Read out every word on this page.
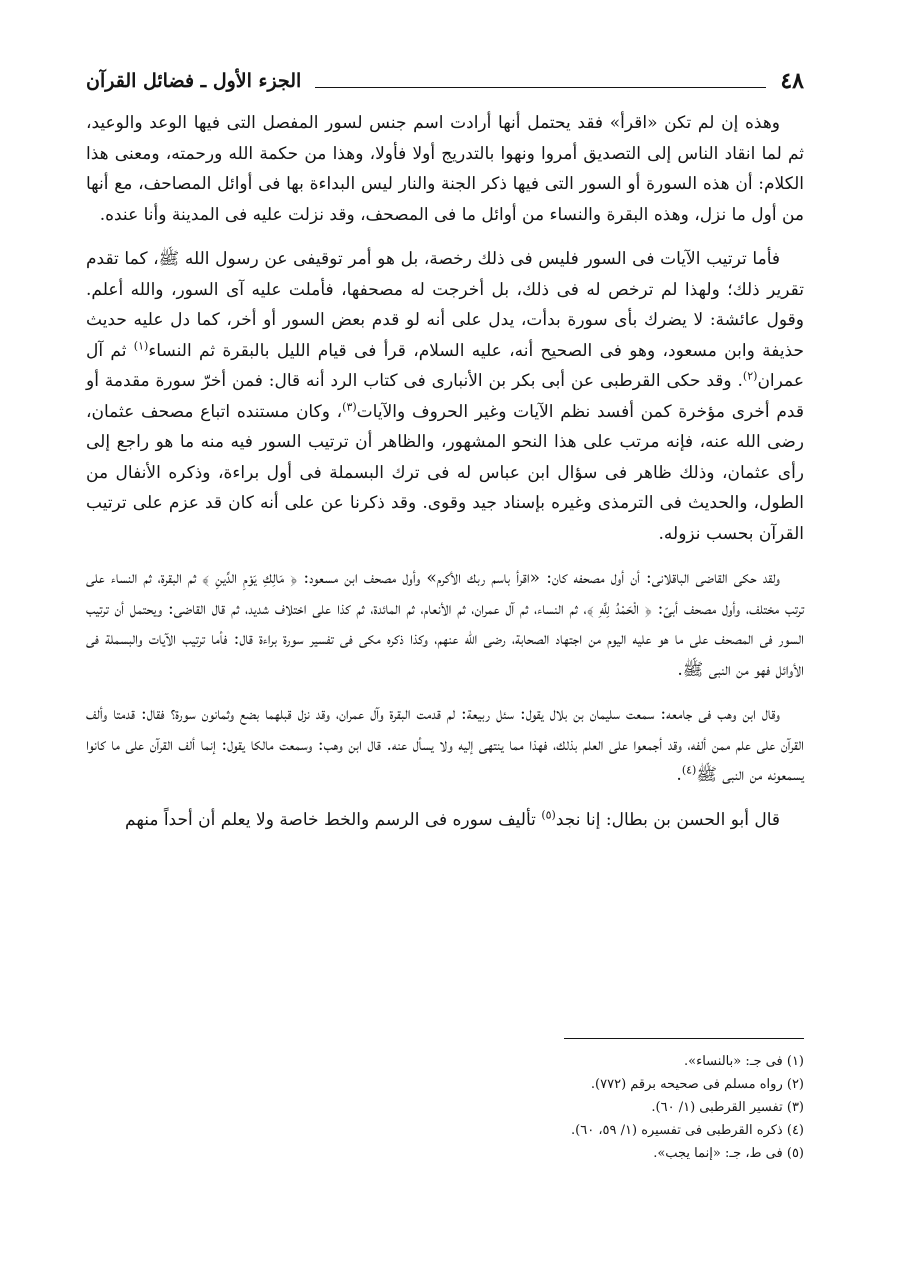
٤٨
الجزء الأول ـ فضائل القرآن

وهذه إن لم تكن «اقرأ» فقد يحتمل أنها أرادت اسم جنس لسور المفصل التى فيها الوعد والوعيد، ثم لما انقاد الناس إلى التصديق أمروا ونهوا بالتدريج أولا فأولا، وهذا من حكمة الله ورحمته، ومعنى هذا الكلام: أن هذه السورة أو السور التى فيها ذكر الجنة والنار ليس البداءة بها فى أوائل المصاحف، مع أنها من أول ما نزل، وهذه البقرة والنساء من أوائل ما فى المصحف، وقد نزلت عليه فى المدينة وأنا عنده.

فأما ترتيب الآيات فى السور فليس فى ذلك رخصة، بل هو أمر توقيفى عن رسول الله ﷺ، كما تقدم تقرير ذلك؛ ولهذا لم ترخص له فى ذلك، بل أخرجت له مصحفها، فأملت عليه آى السور، والله أعلم. وقول عائشة: لا يضرك بأى سورة بدأت، يدل على أنه لو قدم بعض السور أو أخر، كما دل عليه حديث حذيفة وابن مسعود، وهو فى الصحيح أنه، عليه السلام، قرأ فى قيام الليل بالبقرة ثم النساء$^{(١)}$ ثم آل عمران$^{(٢)}$. وقد حكى القرطبى عن أبى بكر بن الأنبارى فى كتاب الرد أنه قال: فمن أخرّ سورة مقدمة أو قدم أخرى مؤخرة كمن أفسد نظم الآيات وغير الحروف والآيات$^{(٣)}$، وكان مستنده اتباع مصحف عثمان، رضى الله عنه، فإنه مرتب على هذا النحو المشهور، والظاهر أن ترتيب السور فيه منه ما هو راجع إلى رأى عثمان، وذلك ظاهر فى سؤال ابن عباس له فى ترك البسملة فى أول براءة، وذكره الأنفال من الطول، والحديث فى الترمذى وغيره بإسناد جيد وقوى. وقد ذكرنا عن على أنه كان قد عزم على ترتيب القرآن بحسب نزوله.

ولقد حكى القاضى الباقلانى: أن أول مصحفه كان: «اقرأ باسم ربك الأكرم» وأول مصحف ابن مسعود: ﴿ مَالِكِ يَوْمِ الدِّينِ ﴾ ثم البقرة، ثم النساء على ترتب مختلف، وأول مصحف أبىّ: ﴿ الْحَمْدُ لِلَّهِ ﴾، ثم النساء، ثم آل عمران، ثم الأنعام، ثم المائدة، ثم كذا على اختلاف شديد، ثم قال القاضى: ويحتمل أن ترتيب السور فى المصحف على ما هو عليه اليوم من اجتهاد الصحابة، رضى الله عنهم، وكذا ذكره مكى فى تفسير سورة براءة قال: فأما ترتيب الآيات والبسملة فى الأوائل فهو من النبى ﷺ.

وقال ابن وهب فى جامعه: سمعت سليمان بن بلال يقول: سئل ربيعة: لم قدمت البقرة وآل عمران، وقد نزل قبلهما بضع وثمانون سورة؟ فقال: قدمتا وألف القرآن على علم ممن ألفه، وقد أجمعوا على العلم بذلك، فهذا مما ينتهى إليه ولا يسأل عنه. قال ابن وهب: وسمعت مالكا يقول: إنما ألف القرآن على ما كانوا يسمعونه من النبى ﷺ$^{(٤)}$.

قال أبو الحسن بن بطال: إنا نجد$^{(٥)}$ تأليف سوره فى الرسم والخط خاصة ولا يعلم أن أحداً منهم

(١) فى جـ: «بالنساء».
(٢) رواه مسلم فى صحيحه برقم (٧٧٢).
(٣) تفسير القرطبى (١/ ٦٠).
(٤) ذكره القرطبى فى تفسيره (١/ ٥٩، ٦٠).
(٥) فى ط، جـ: «إنما يجب».
